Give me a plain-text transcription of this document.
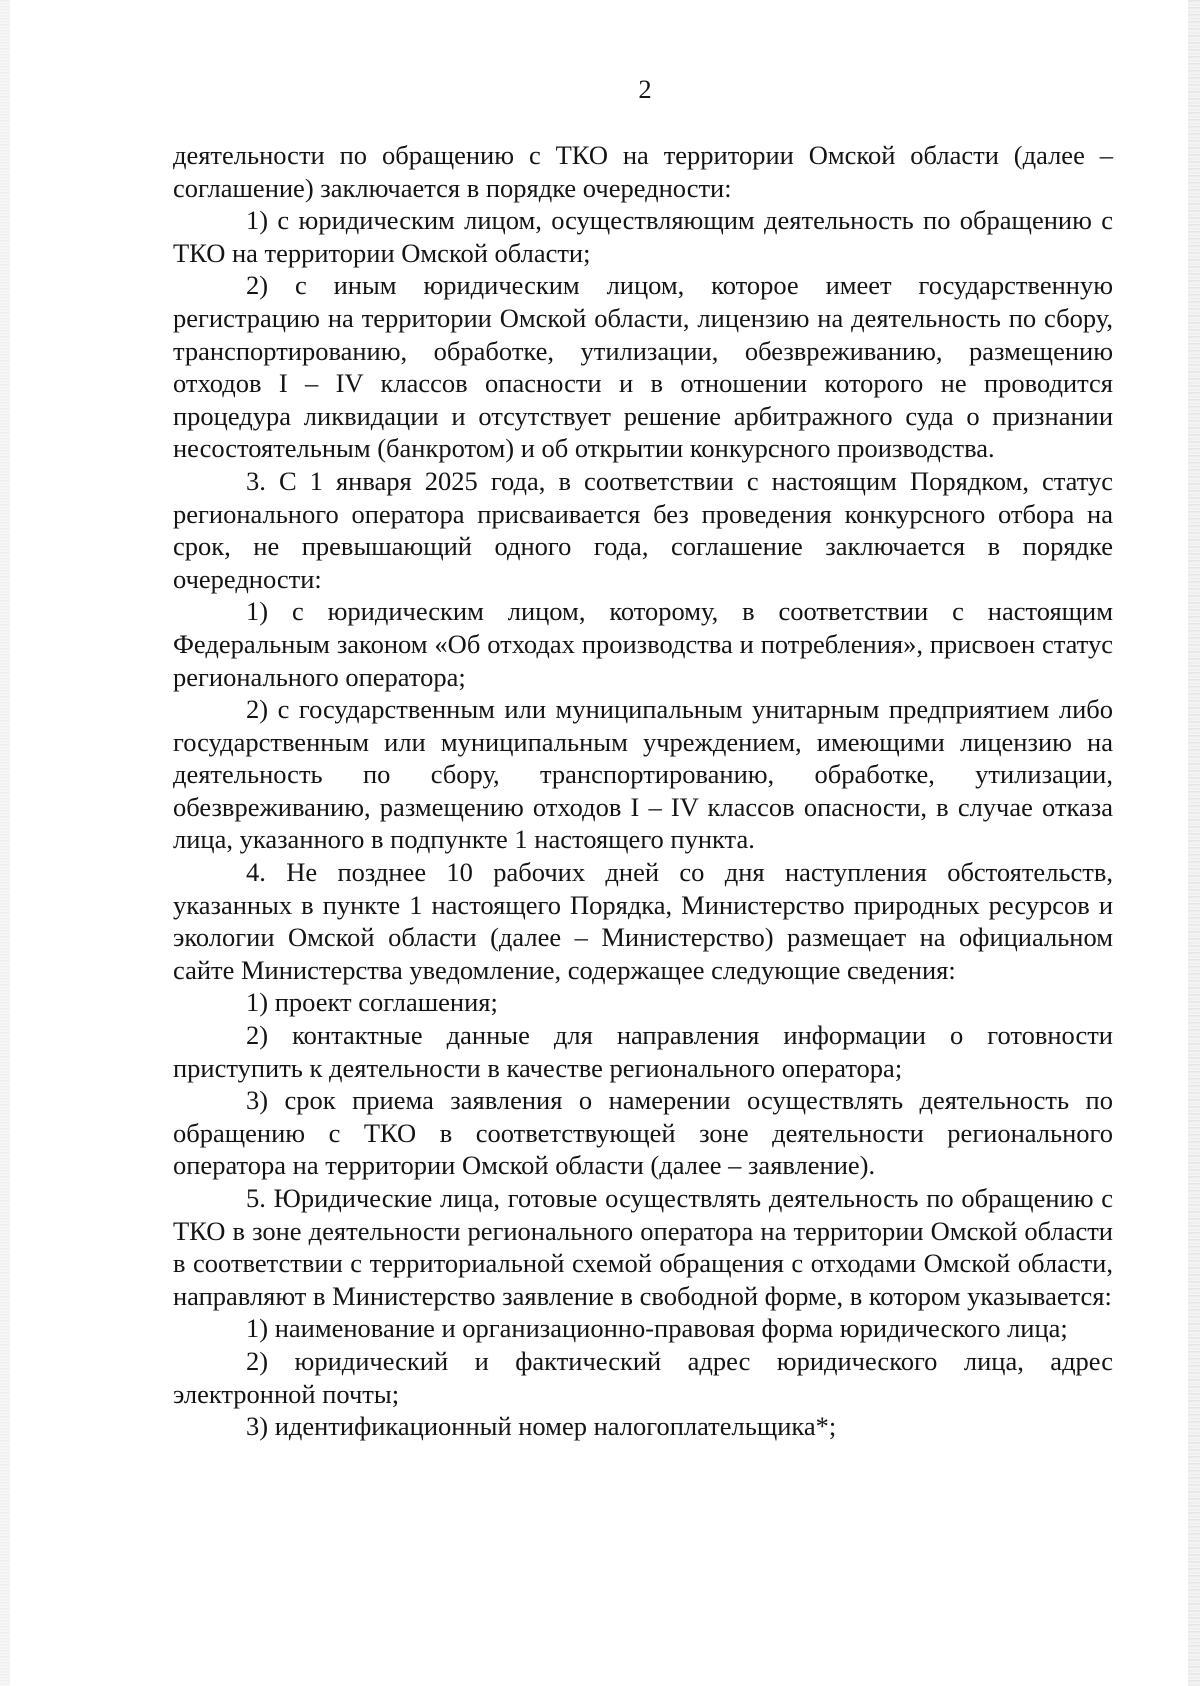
2

деятельности по обращению с ТКО на территории Омской области (далее – соглашение) заключается в порядке очередности:

1) с юридическим лицом, осуществляющим деятельность по обращению с ТКО на территории Омской области;

2) с иным юридическим лицом, которое имеет государственную регистрацию на территории Омской области, лицензию на деятельность по сбору, транспортированию, обработке, утилизации, обезвреживанию, размещению отходов I – IV классов опасности и в отношении которого не проводится процедура ликвидации и отсутствует решение арбитражного суда о признании несостоятельным (банкротом) и об открытии конкурсного производства.

3. С 1 января 2025 года, в соответствии с настоящим Порядком, статус регионального оператора присваивается без проведения конкурсного отбора на срок, не превышающий одного года, соглашение заключается в порядке очередности:

1) с юридическим лицом, которому, в соответствии с настоящим Федеральным законом «Об отходах производства и потребления», присвоен статус регионального оператора;

2) с государственным или муниципальным унитарным предприятием либо государственным или муниципальным учреждением, имеющими лицензию на деятельность по сбору, транспортированию, обработке, утилизации, обезвреживанию, размещению отходов I – IV классов опасности, в случае отказа лица, указанного в подпункте 1 настоящего пункта.

4. Не позднее 10 рабочих дней со дня наступления обстоятельств, указанных в пункте 1 настоящего Порядка, Министерство природных ресурсов и экологии Омской области (далее – Министерство) размещает на официальном сайте Министерства уведомление, содержащее следующие сведения:

1) проект соглашения;

2) контактные данные для направления информации о готовности приступить к деятельности в качестве регионального оператора;

3) срок приема заявления о намерении осуществлять деятельность по обращению с ТКО в соответствующей зоне деятельности регионального оператора на территории Омской области (далее – заявление).

5. Юридические лица, готовые осуществлять деятельность по обращению с ТКО в зоне деятельности регионального оператора на территории Омской области в соответствии с территориальной схемой обращения с отходами Омской области, направляют в Министерство заявление в свободной форме, в котором указывается:

1) наименование и организационно-правовая форма юридического лица;

2) юридический и фактический адрес юридического лица, адрес электронной почты;

3) идентификационный номер налогоплательщика*;
